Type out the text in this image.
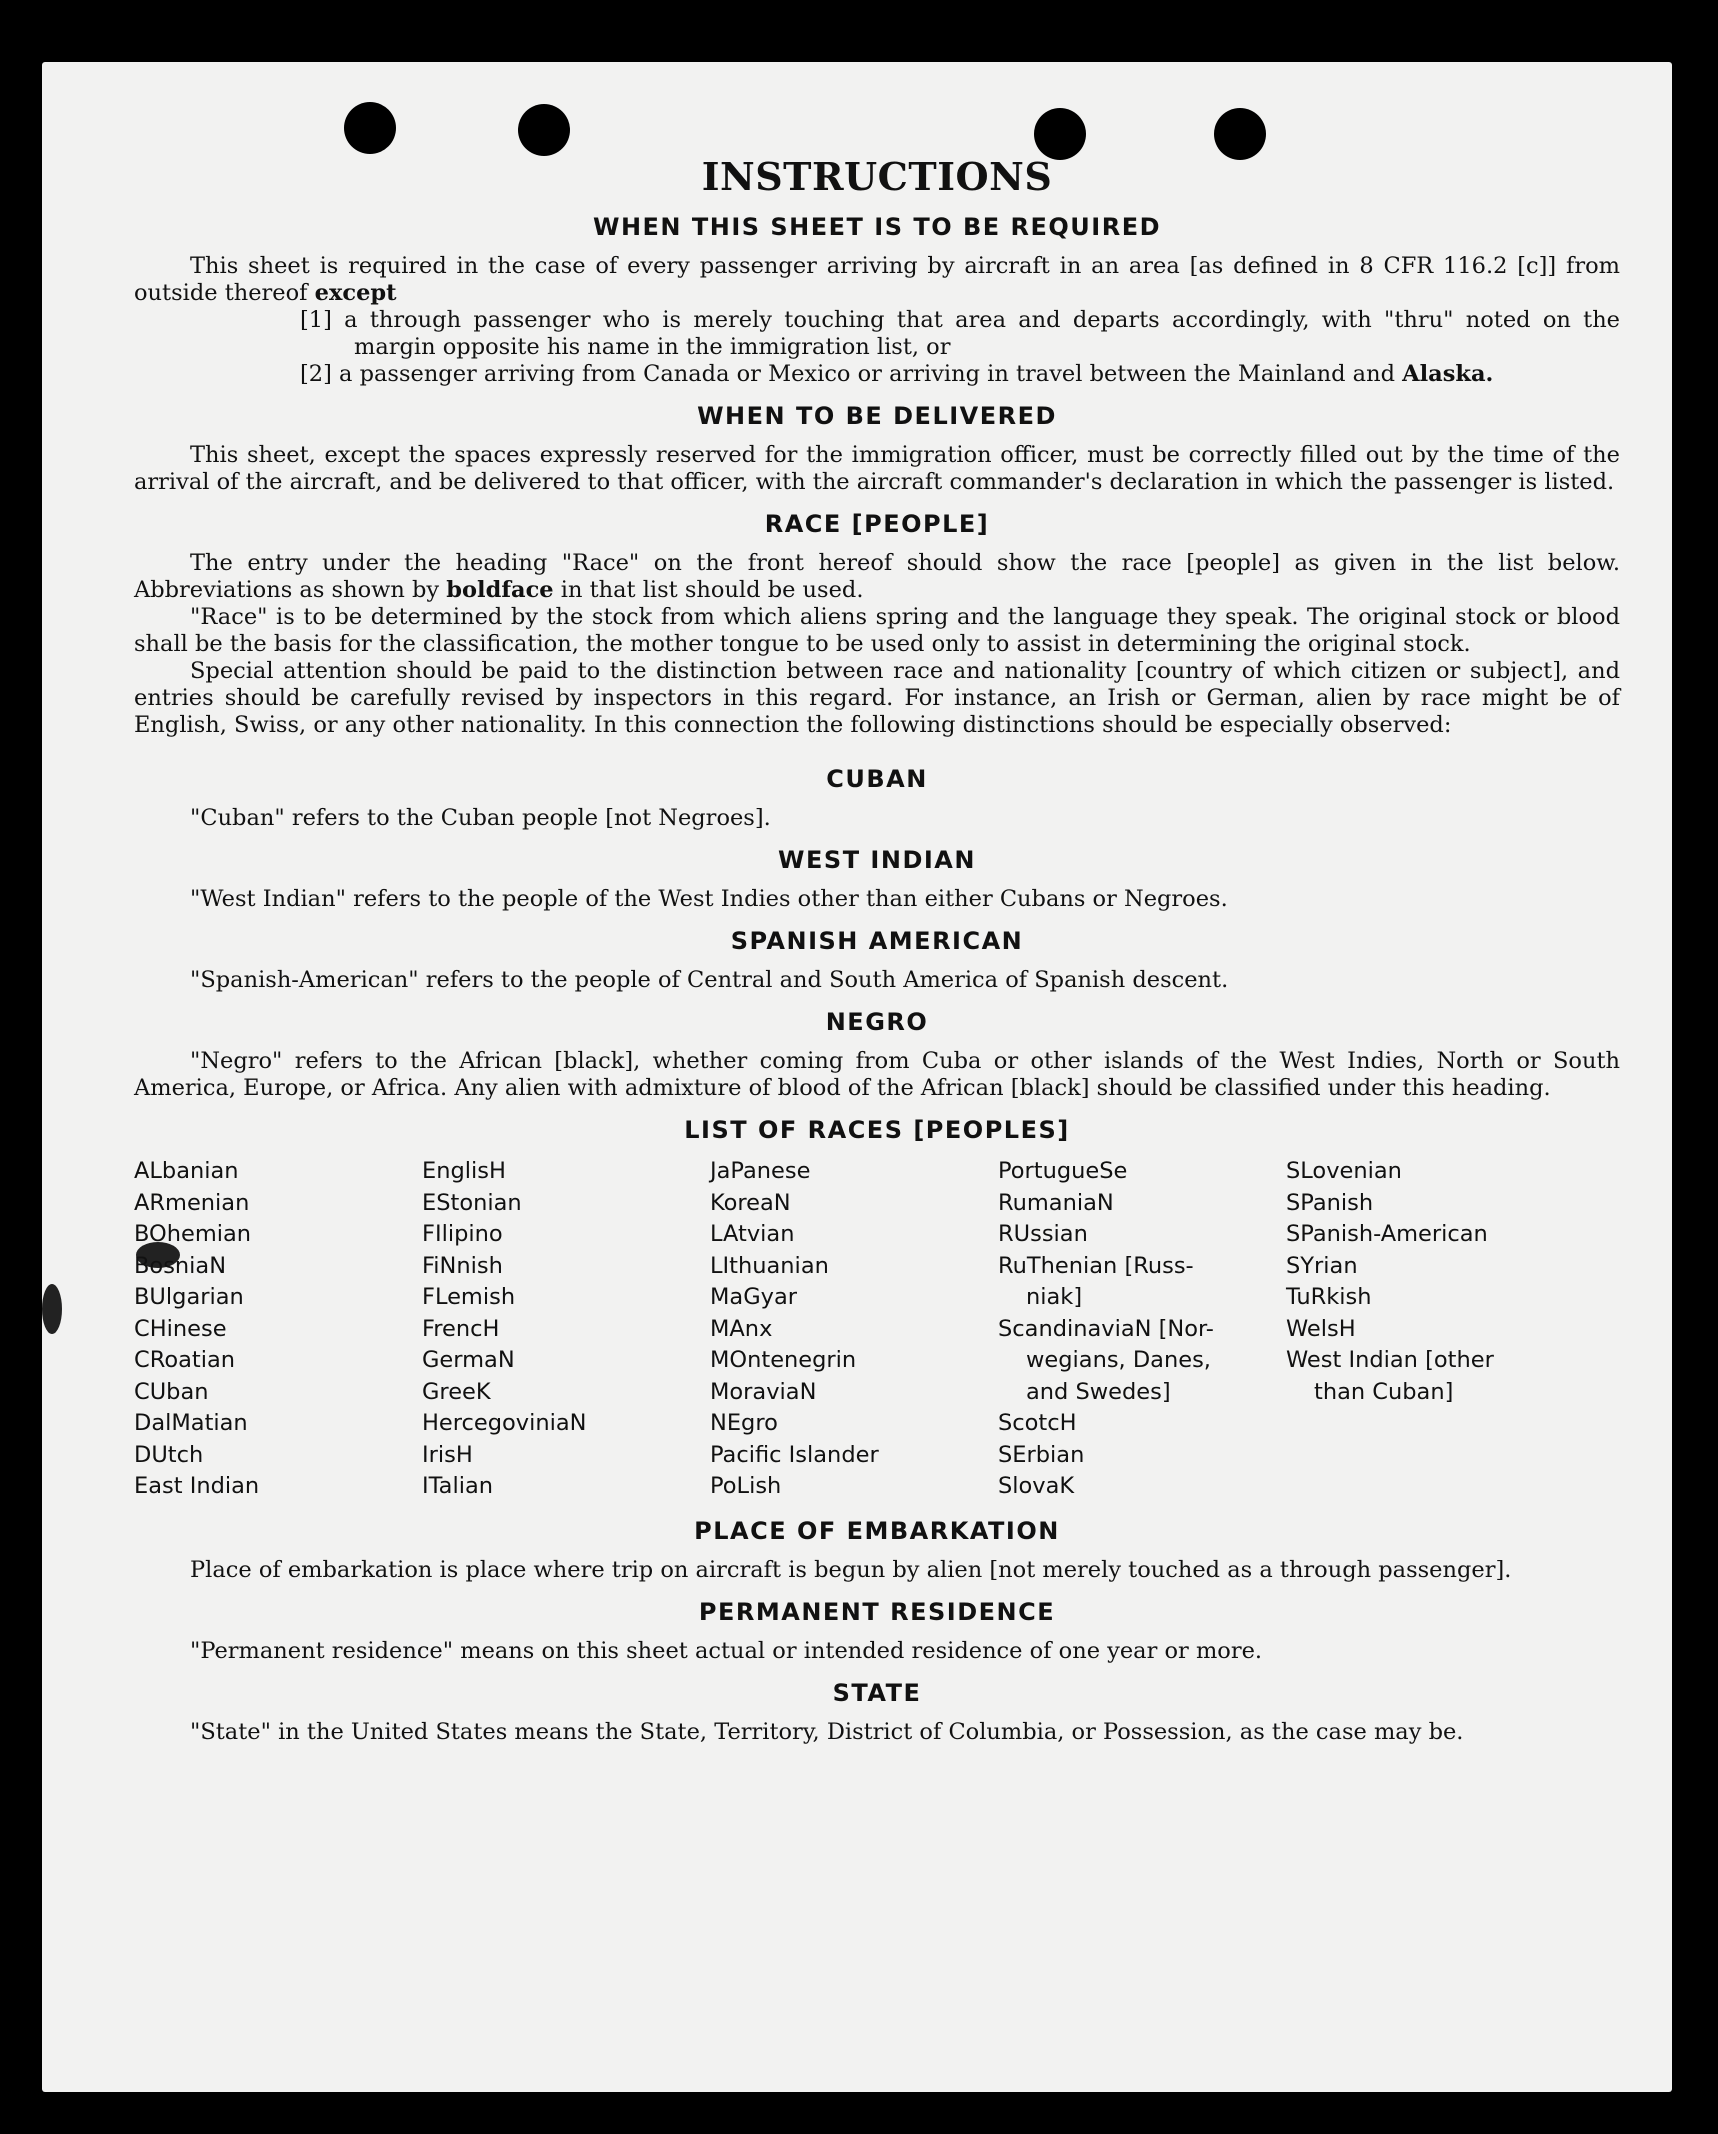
INSTRUCTIONS
WHEN THIS SHEET IS TO BE REQUIRED

This sheet is required in the case of every passenger arriving by aircraft in an area [as defined in 8 CFR 116.2 [c]] from outside thereof except

[1] a through passenger who is merely touching that area and departs accordingly, with "thru" noted on the margin opposite his name in the immigration list, or
[2] a passenger arriving from Canada or Mexico or arriving in travel between the Mainland and Alaska.
WHEN TO BE DELIVERED

This sheet, except the spaces expressly reserved for the immigration officer, must be correctly filled out by the time of the arrival of the aircraft, and be delivered to that officer, with the aircraft commander's declaration in which the passenger is listed.

RACE [PEOPLE]

The entry under the heading "Race" on the front hereof should show the race [people] as given in the list below. Abbreviations as shown by boldface in that list should be used.

"Race" is to be determined by the stock from which aliens spring and the language they speak. The original stock or blood shall be the basis for the classification, the mother tongue to be used only to assist in determining the original stock.

Special attention should be paid to the distinction between race and nationality [country of which citizen or subject], and entries should be carefully revised by inspectors in this regard. For instance, an Irish or German, alien by race might be of English, Swiss, or any other nationality. In this connection the following distinctions should be especially observed:

CUBAN

"Cuban" refers to the Cuban people [not Negroes].

WEST INDIAN

"West Indian" refers to the people of the West Indies other than either Cubans or Negroes.

SPANISH AMERICAN

"Spanish-American" refers to the people of Central and South America of Spanish descent.

NEGRO

"Negro" refers to the African [black], whether coming from Cuba or other islands of the West Indies, North or South America, Europe, or Africa. Any alien with admixture of blood of the African [black] should be classified under this heading.

LIST OF RACES [PEOPLES]
ALbanian
ARmenian
BOhemian
BosniaN
BUlgarian
CHinese
CRoatian
CUban
DalMatian
DUtch
East Indian
EnglisH
EStonian
FIlipino
FiNnish
FLemish
FrencH
GermaN
GreeK
HercegoviniaN
IrisH
ITalian
JaPanese
KoreaN
LAtvian
LIthuanian
MaGyar
MAnx
MOntenegrin
MoraviaN
NEgro
Pacific Islander
PoLish
PortugueSe
RumaniaN
RUssian
RuThenian [Russ-
niak]
ScandinaviaN [Nor-
wegians, Danes,
and Swedes]
ScotcH
SErbian
SlovaK
SLovenian
SPanish
SPanish-American
SYrian
TuRkish
WelsH
West Indian [other
than Cuban]
PLACE OF EMBARKATION

Place of embarkation is place where trip on aircraft is begun by alien [not merely touched as a through passenger].

PERMANENT RESIDENCE

"Permanent residence" means on this sheet actual or intended residence of one year or more.

STATE

"State" in the United States means the State, Territory, District of Columbia, or Possession, as the case may be.
